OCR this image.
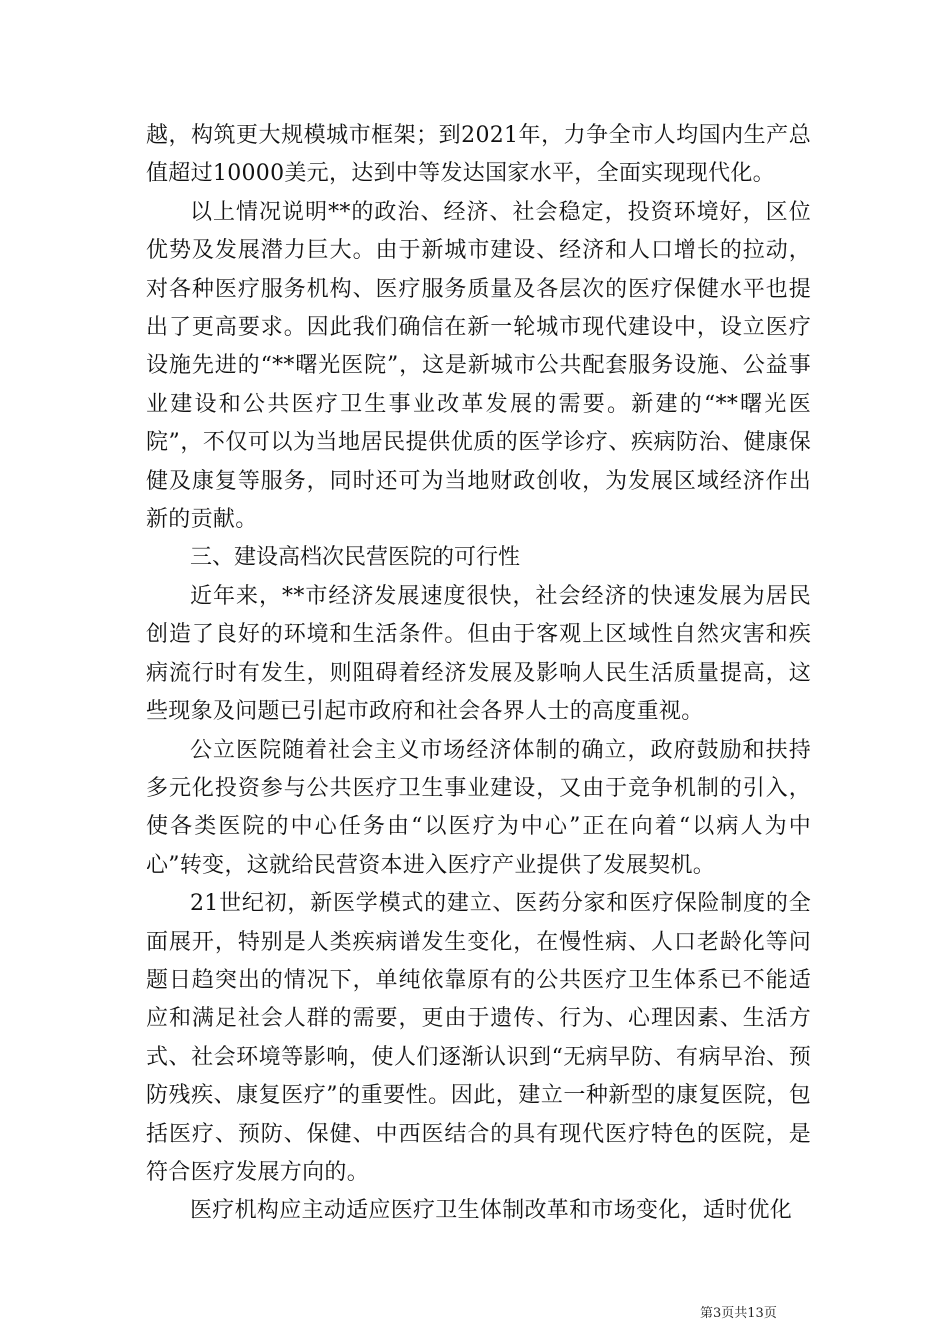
越，构筑更大规模城市框架；到2021年，力争全市人均国内生产总值超过10000美元，达到中等发达国家水平，全面实现现代化。

以上情况说明**的政治、经济、社会稳定，投资环境好，区位优势及发展潜力巨大。由于新城市建设、经济和人口增长的拉动，对各种医疗服务机构、医疗服务质量及各层次的医疗保健水平也提出了更高要求。因此我们确信在新一轮城市现代建设中，设立医疗设施先进的“**曙光医院”，这是新城市公共配套服务设施、公益事业建设和公共医疗卫生事业改革发展的需要。新建的“**曙光医院”，不仅可以为当地居民提供优质的医学诊疗、疾病防治、健康保健及康复等服务，同时还可为当地财政创收，为发展区域经济作出新的贡献。

三、建设高档次民营医院的可行性

近年来，**市经济发展速度很快，社会经济的快速发展为居民创造了良好的环境和生活条件。但由于客观上区域性自然灾害和疾病流行时有发生，则阻碍着经济发展及影响人民生活质量提高，这些现象及问题已引起市政府和社会各界人士的高度重视。

公立医院随着社会主义市场经济体制的确立，政府鼓励和扶持多元化投资参与公共医疗卫生事业建设，又由于竞争机制的引入，使各类医院的中心任务由“以医疗为中心”正在向着“以病人为中心”转变，这就给民营资本进入医疗产业提供了发展契机。

21世纪初，新医学模式的建立、医药分家和医疗保险制度的全面展开，特别是人类疾病谱发生变化，在慢性病、人口老龄化等问题日趋突出的情况下，单纯依靠原有的公共医疗卫生体系已不能适应和满足社会人群的需要，更由于遗传、行为、心理因素、生活方式、社会环境等影响，使人们逐渐认识到“无病早防、有病早治、预防残疾、康复医疗”的重要性。因此，建立一种新型的康复医院，包括医疗、预防、保健、中西医结合的具有现代医疗特色的医院，是符合医疗发展方向的。

医疗机构应主动适应医疗卫生体制改革和市场变化，适时优化

第3页共13页
